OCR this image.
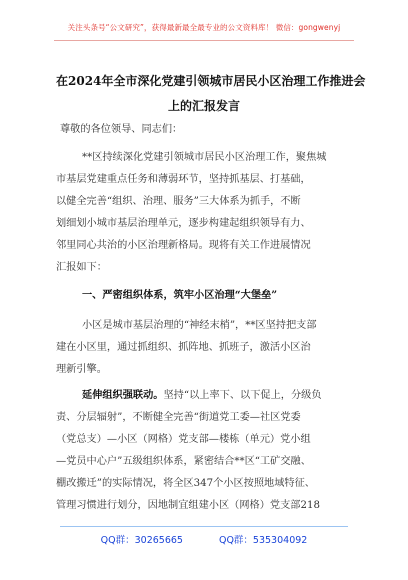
关注头条号“公文研究”，获得最新最全最专业的公文资料库！ 微信：gongwenyj
在2024年全市深化党建引领城市居民小区治理工作推进会
上的汇报发言
尊敬的各位领导、同志们：
**区持续深化党建引领城市居民小区治理工作，聚焦城
市基层党建重点任务和薄弱环节，坚持抓基层、打基础，
以健全完善“组织、治理、服务”三大体系为抓手，不断
划细划小城市基层治理单元，逐步构建起组织领导有力、
邻里同心共治的小区治理新格局。现将有关工作进展情况
汇报如下：
一、严密组织体系，筑牢小区治理“大堡垒”
小区是城市基层治理的“神经末梢”，**区坚持把支部
建在小区里，通过抓组织、抓阵地、抓班子，激活小区治
理新引擎。
延伸组织强联动。坚持“以上率下、以下促上，分级负
责、分层辐射”，不断健全完善“街道党工委—社区党委
（党总支）—小区（网格）党支部—楼栋（单元）党小组
—党员中心户”五级组织体系，紧密结合**区“工矿交融、
棚改搬迁”的实际情况，将全区347个小区按照地域特征、
管理习惯进行划分，因地制宜组建小区（网格）党支部218
QQ群：30265665	QQ群：535304092
